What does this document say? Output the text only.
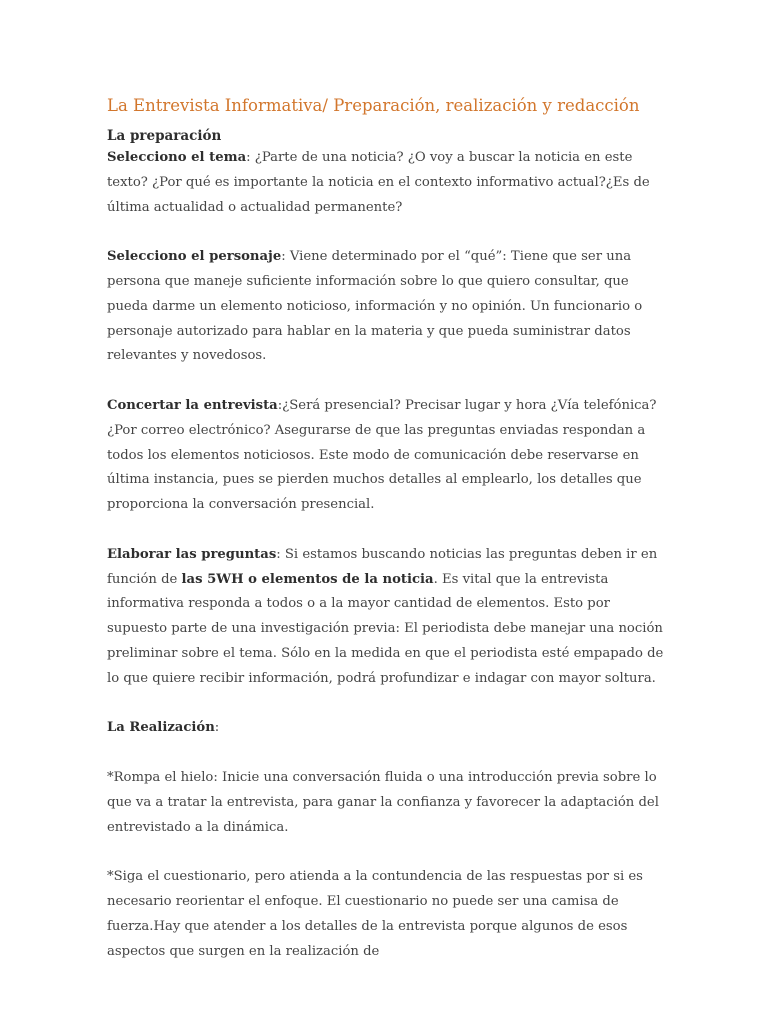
La Entrevista Informativa/ Preparación, realización y redacción
La preparación

Selecciono el tema: ¿Parte de una noticia? ¿O voy a buscar la noticia en este texto? ¿Por qué es importante la noticia en el contexto informativo actual?¿Es de última actualidad o actualidad permanente?

Selecciono el personaje: Viene determinado por el “qué”: Tiene que ser una persona que maneje suficiente información sobre lo que quiero consultar, que pueda darme un elemento noticioso, información y no opinión. Un funcionario o personaje autorizado para hablar en la materia y que pueda suministrar datos relevantes y novedosos.

Concertar la entrevista:¿Será presencial? Precisar lugar y hora ¿Vía telefónica? ¿Por correo electrónico? Asegurarse de que las preguntas enviadas respondan a todos los elementos noticiosos. Este modo de comunicación debe reservarse en última instancia, pues se pierden muchos detalles al emplearlo, los detalles que proporciona la conversación presencial.

Elaborar las preguntas: Si estamos buscando noticias las preguntas deben ir en función de las 5WH o elementos de la noticia. Es vital que la entrevista informativa responda a todos o a la mayor cantidad de elementos. Esto por supuesto parte de una investigación previa: El periodista debe manejar una noción preliminar sobre el tema. Sólo en la medida en que el periodista esté empapado de lo que quiere recibir información, podrá profundizar e indagar con mayor soltura.

La Realización:

*Rompa el hielo: Inicie una conversación fluida o una introducción previa sobre lo que va a tratar la entrevista, para ganar la confianza y favorecer la adaptación del entrevistado a la dinámica.

*Siga el cuestionario, pero atienda a la contundencia de las respuestas por si es necesario reorientar el enfoque. El cuestionario no puede ser una camisa de fuerza.Hay que atender a los detalles de la entrevista porque algunos de esos aspectos que surgen en la realización de
